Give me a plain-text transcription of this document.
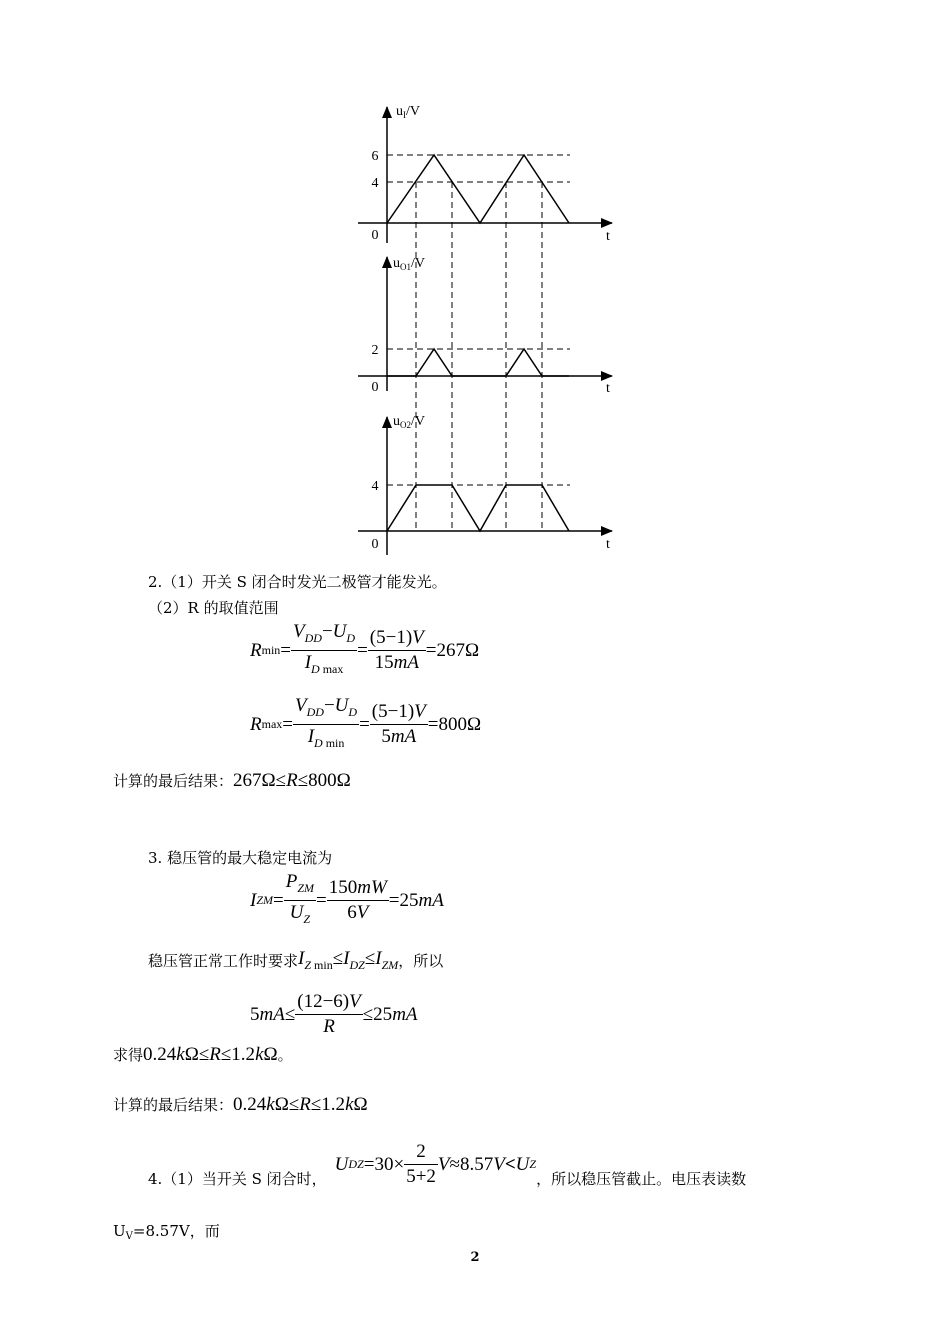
$u_I/V$
$u_{O1}/V$
$u_{O2}/V$
6
4
0
2
0
4
0
t
t
t
2.（1）开关 S 闭合时发光二极管才能发光。
（2）R 的取值范围
R $\min = \frac{V_{DD}-U_D}{I_{D max}} = \frac{(5-1)V}{15mA} =267\Omega$
R $\max = \frac{V_{DD}-U_D}{I_{D min}} = \frac{(5-1)V}{5mA} =800\Omega$
计算的最后结果： 267Ω≤R≤800Ω
3. 稳压管的最大稳定电流为
I ZM = $\frac{P_{ZM}}{U_Z} = \frac{150mW}{6V} =25$ mA
稳压管正常工作时要求 $I_{Z min}\le I_{DZ}\le I_{ZM}$ ，所以
5 mA ≤ $\frac{(12-6)V}{R} \le 25$ mA
求得 0.24kΩ≤R≤1.2kΩ 。
计算的最后结果： 0.24kΩ≤R≤1.2kΩ
4.（1）当开关 S 闭合时，
U DZ $=30\times \frac{2}{5+2} V\approx 8.57V<U$ Z
，所以稳压管截止。电压表读数
$U_V=8.57V$，而
2
